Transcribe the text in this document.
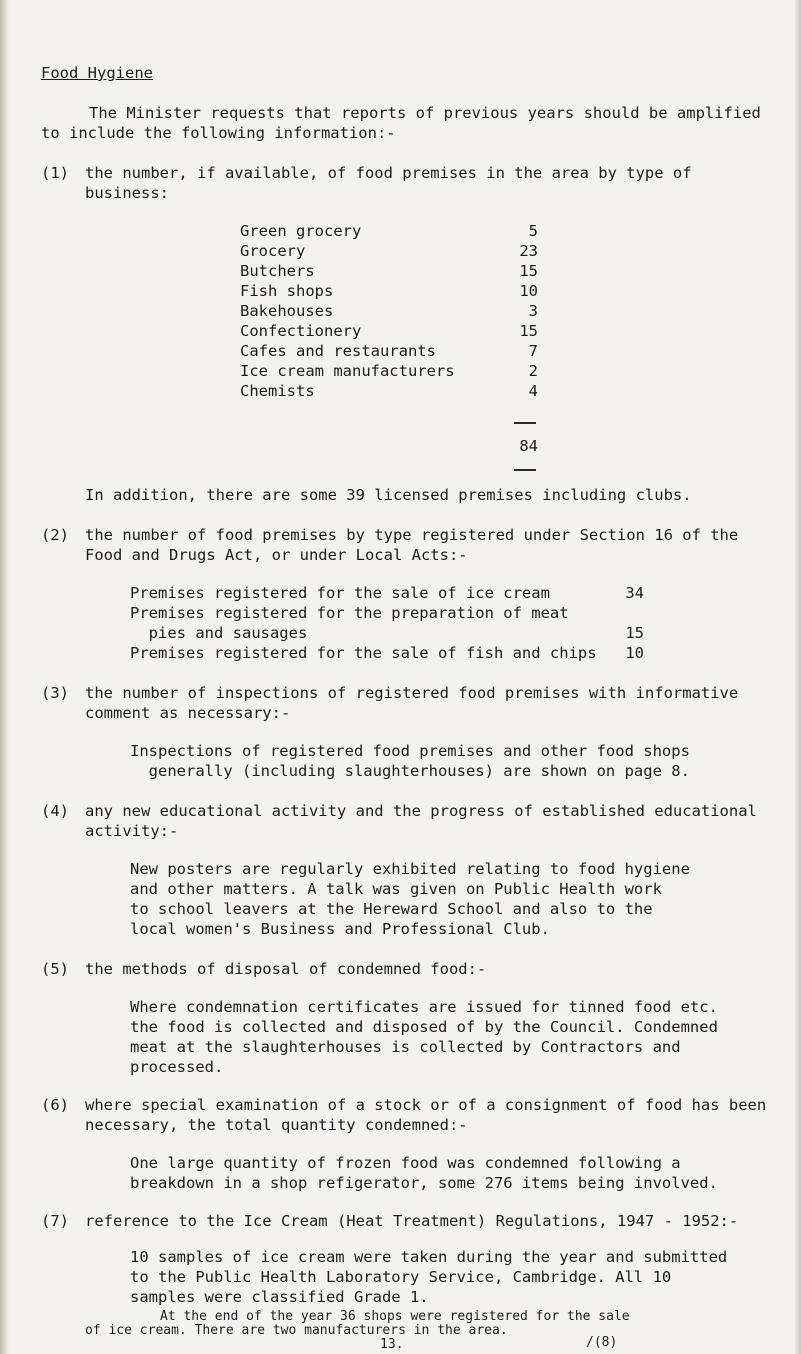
Food Hygiene
The Minister requests that reports of previous years should be amplified
to include the following information:-
(1) the number, if available, of food premises in the area by type of
business:
Green grocery	5
Grocery	23
Butchers	15
Fish shops	10
Bakehouses	3
Confectionery	15
Cafes and restaurants	7
Ice cream manufacturers	2
Chemists	4
84
In addition, there are some 39 licensed premises including clubs.
(2) the number of food premises by type registered under Section 16 of the
Food and Drugs Act, or under Local Acts:-
Premises registered for the sale of ice cream	34
Premises registered for the preparation of meat
pies and sausages	15
Premises registered for the sale of fish and chips	10
(3) the number of inspections of registered food premises with informative
comment as necessary:-
Inspections of registered food premises and other food shops
generally (including slaughterhouses) are shown on page 8.
(4) any new educational activity and the progress of established educational
activity:-
New posters are regularly exhibited relating to food hygiene
and other matters. A talk was given on Public Health work
to school leavers at the Hereward School and also to the
local women's Business and Professional Club.
(5) the methods of disposal of condemned food:-
Where condemnation certificates are issued for tinned food etc.
the food is collected and disposed of by the Council. Condemned
meat at the slaughterhouses is collected by Contractors and
processed.
(6) where special examination of a stock or of a consignment of food has been
necessary, the total quantity condemned:-
One large quantity of frozen food was condemned following a
breakdown in a shop refigerator, some 276 items being involved.
(7) reference to the Ice Cream (Heat Treatment) Regulations, 1947 - 1952:-
10 samples of ice cream were taken during the year and submitted
to the Public Health Laboratory Service, Cambridge. All 10
samples were classified Grade 1.
At the end of the year 36 shops were registered for the sale
of ice cream. There are two manufacturers in the area.
/(8)
13.
